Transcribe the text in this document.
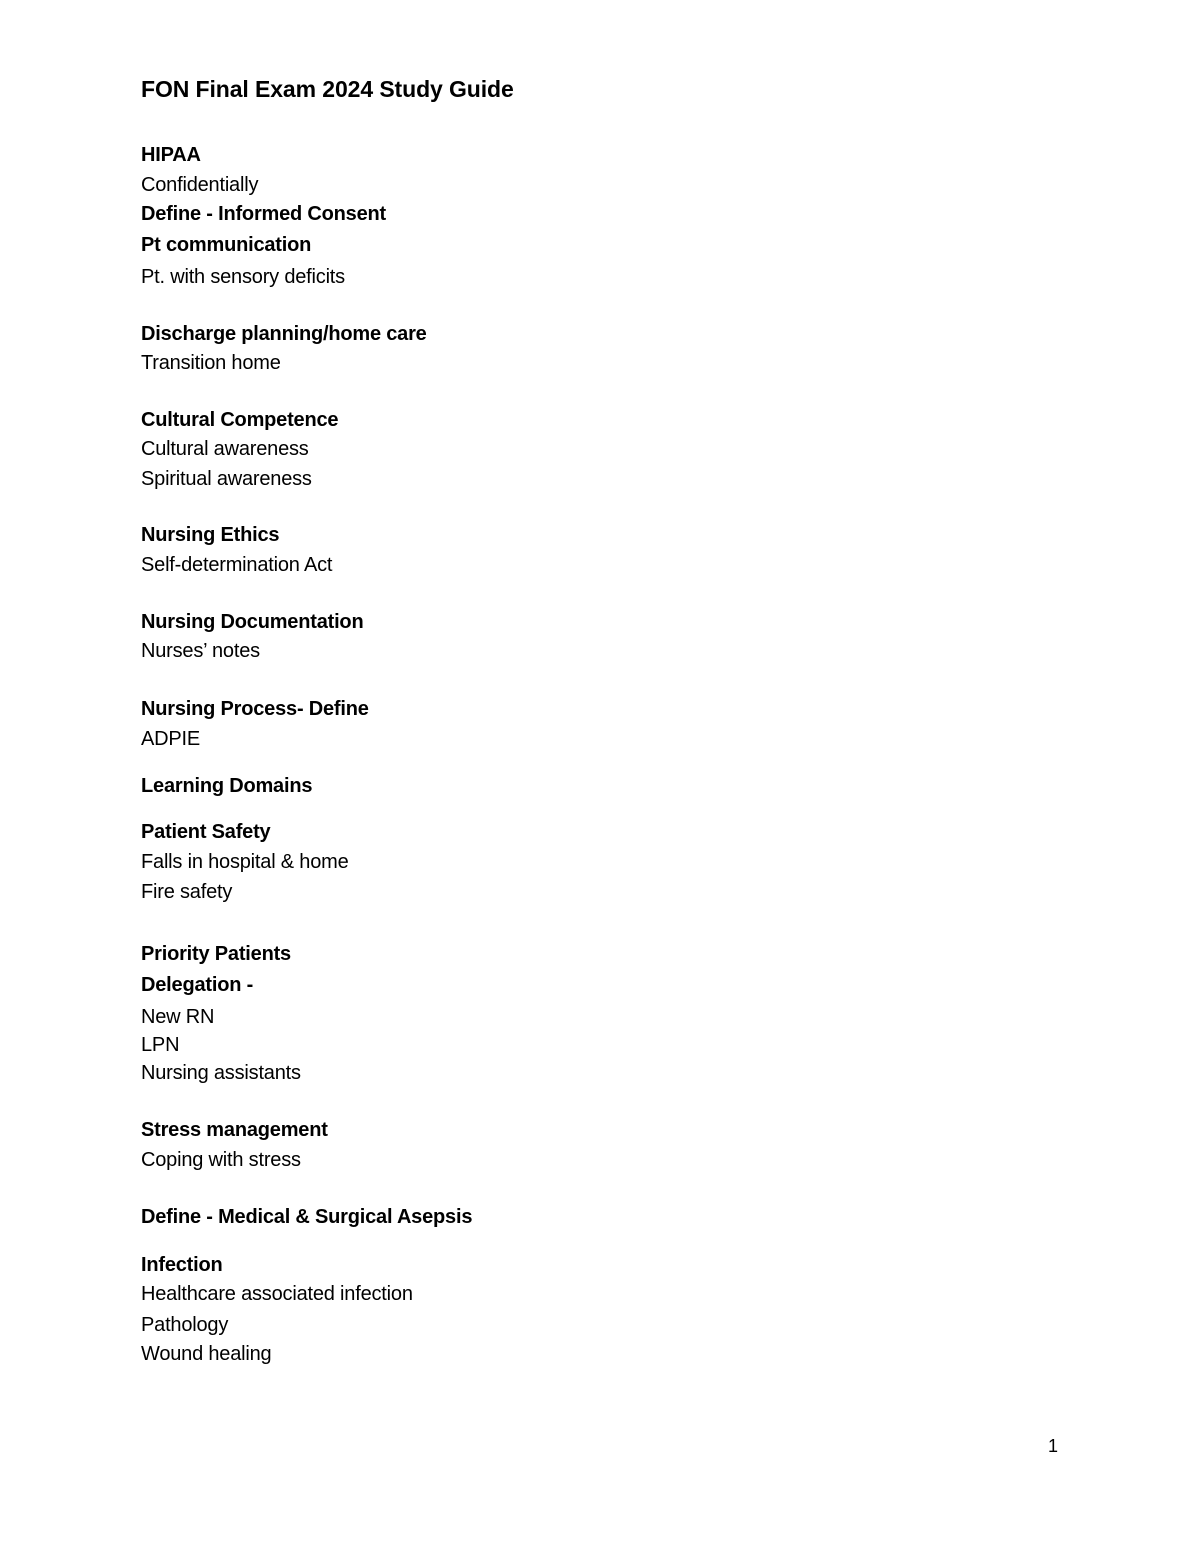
FON Final Exam 2024 Study Guide
HIPAA
Confidentially
Define - Informed Consent
Pt communication
Pt. with sensory deficits
Discharge planning/home care
Transition home
Cultural Competence
Cultural awareness
Spiritual awareness
Nursing Ethics
Self-determination Act
Nursing Documentation
Nurses’ notes
Nursing Process- Define
ADPIE
Learning Domains
Patient Safety
Falls in hospital & home
Fire safety
Priority Patients
Delegation -
New RN
LPN
Nursing assistants
Stress management
Coping with stress
Define - Medical & Surgical Asepsis
Infection
Healthcare associated infection
Pathology
Wound healing
1
